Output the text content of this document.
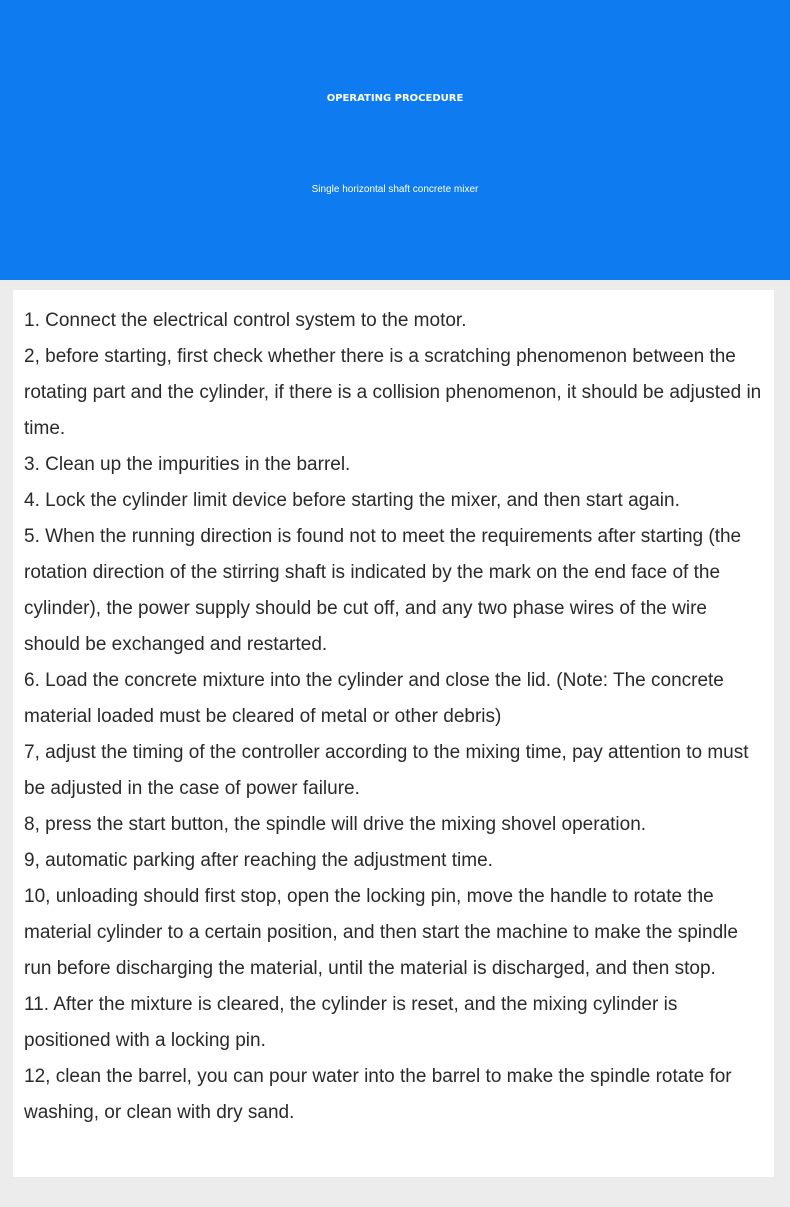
OPERATING PROCEDURE
Single horizontal shaft concrete mixer

1. Connect the electrical control system to the motor.

2, before starting, first check whether there is a scratching phenomenon between the rotating part and the cylinder, if there is a collision phenomenon, it should be adjusted in time.

3. Clean up the impurities in the barrel.

4. Lock the cylinder limit device before starting the mixer, and then start again.

5. When the running direction is found not to meet the requirements after starting (the rotation direction of the stirring shaft is indicated by the mark on the end face of the cylinder), the power supply should be cut off, and any two phase wires of the wire should be exchanged and restarted.

6. Load the concrete mixture into the cylinder and close the lid. (Note: The concrete material loaded must be cleared of metal or other debris)

7, adjust the timing of the controller according to the mixing time, pay attention to must be adjusted in the case of power failure.

8, press the start button, the spindle will drive the mixing shovel operation.

9, automatic parking after reaching the adjustment time.

10, unloading should first stop, open the locking pin, move the handle to rotate the material cylinder to a certain position, and then start the machine to make the spindle run before discharging the material, until the material is discharged, and then stop.

11. After the mixture is cleared, the cylinder is reset, and the mixing cylinder is positioned with a locking pin.

12, clean the barrel, you can pour water into the barrel to make the spindle rotate for washing, or clean with dry sand.
